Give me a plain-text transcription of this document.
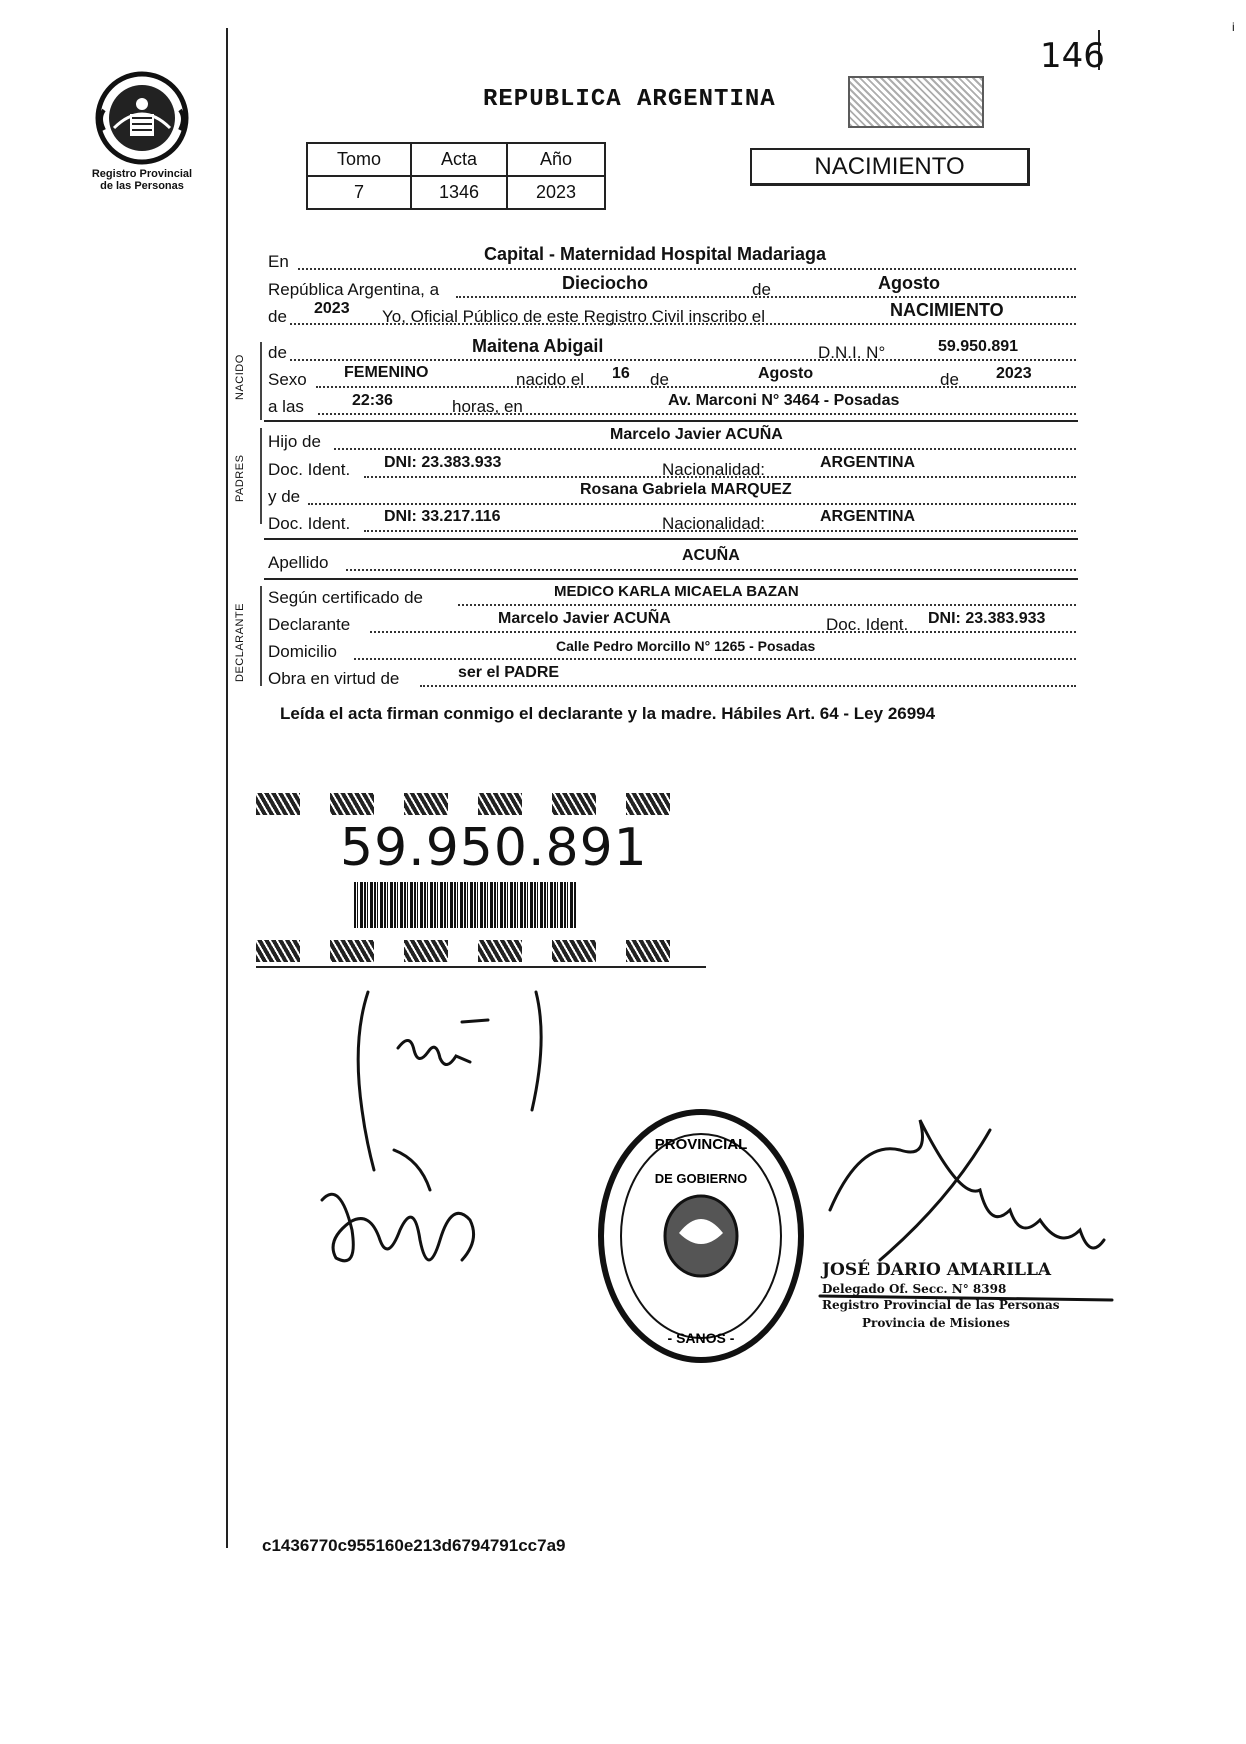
i
146
Registro Provincial
de las Personas
REPUBLICA ARGENTINA
Tomo	Acta	Año
7	1346	2023
NACIMIENTO
En	Capital - Maternidad Hospital Madariaga
República Argentina, a	Dieciocho	de	Agosto
de 2023 Yo, Oficial Público de este Registro Civil inscribo el	NACIMIENTO
NACIDO
de	Maitena Abigail	D.N.I. N°	59.950.891
Sexo FEMENINO	nacido el 16 de	Agosto	de 2023
a las	22:36	horas, en	Av. Marconi N° 3464 - Posadas
PADRES
Hijo de	Marcelo Javier ACUÑA
Doc. Ident. DNI: 23.383.933	Nacionalidad:	ARGENTINA
y de	Rosana Gabriela MARQUEZ
Doc. Ident. DNI: 33.217.116	Nacionalidad:	ARGENTINA
Apellido	ACUÑA
DECLARANTE
Según certificado de	MEDICO KARLA MICAELA BAZAN
Declarante	Marcelo Javier ACUÑA	Doc. Ident. DNI: 23.383.933
Domicilio	Calle Pedro Morcillo N° 1265 - Posadas
Obra en virtud de	ser el PADRE
Leída el acta firman conmigo el declarante y la madre. Hábiles Art. 64 - Ley 26994
59.950.891
PROVINCIAL
DE GOBIERNO
- SANOS -
JOSÉ DARIO AMARILLA
Delegado Of. Secc. N° 8398
Registro Provincial de las Personas
Provincia de Misiones
c1436770c955160e213d6794791cc7a9
